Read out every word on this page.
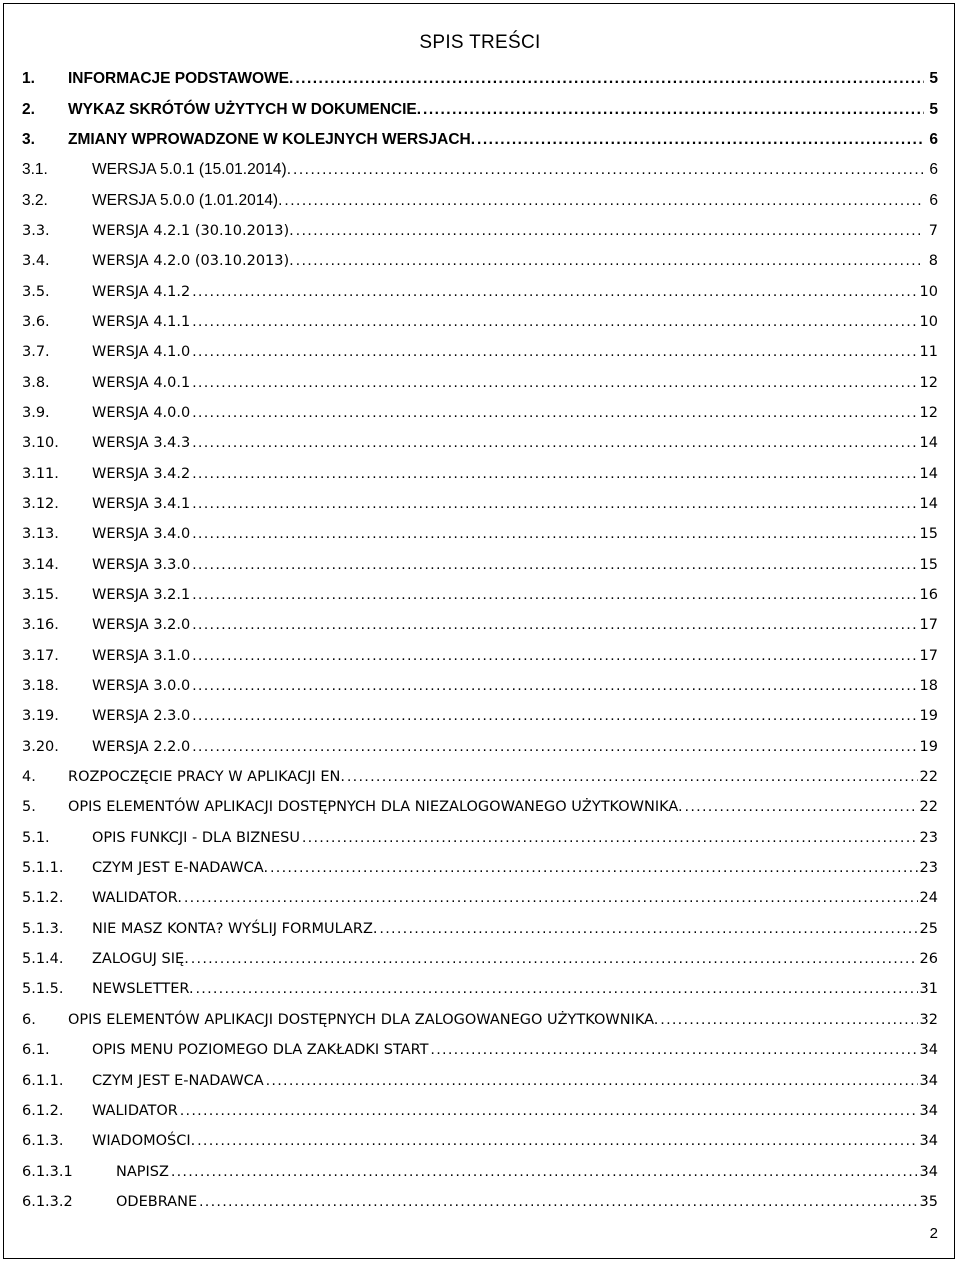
SPIS TREŚCI
1.	INFORMACJE PODSTAWOWE. .....	5
2.	WYKAZ SKRÓTÓW UŻYTYCH W DOKUMENCIE. .....	5
3.	ZMIANY WPROWADZONE W KOLEJNYCH WERSJACH. .....	6
3.1.	WERSJA 5.0.1 (15.01.2014). .....	6
3.2.	WERSJA 5.0.0 (1.01.2014). .....	6
3.3.	WERSJA 4.2.1 (30.10.2013). .....	7
3.4.	WERSJA 4.2.0 (03.10.2013). .....	8
3.5.	WERSJA 4.1.2 .....	10
3.6.	WERSJA 4.1.1 .....	10
3.7.	WERSJA 4.1.0 .....	11
3.8.	WERSJA 4.0.1 .....	12
3.9.	WERSJA 4.0.0 .....	12
3.10.	WERSJA 3.4.3 .....	14
3.11.	WERSJA 3.4.2 .....	14
3.12.	WERSJA 3.4.1 .....	14
3.13.	WERSJA 3.4.0 .....	15
3.14.	WERSJA 3.3.0 .....	15
3.15.	WERSJA 3.2.1 .....	16
3.16.	WERSJA 3.2.0 .....	17
3.17.	WERSJA 3.1.0 .....	17
3.18.	WERSJA 3.0.0 .....	18
3.19.	WERSJA 2.3.0 .....	19
3.20.	WERSJA 2.2.0 .....	19
4.	ROZPOCZĘCIE PRACY W APLIKACJI EN. .....	22
5.	OPIS ELEMENTÓW APLIKACJI DOSTĘPNYCH DLA NIEZALOGOWANEGO UŻYTKOWNIKA. .....	22
5.1.	OPIS FUNKCJI - DLA BIZNESU .....	23
5.1.1.	CZYM JEST E-NADAWCA. .....	23
5.1.2.	WALIDATOR. .....	24
5.1.3.	NIE MASZ KONTA? WYŚLIJ FORMULARZ. .....	25
5.1.4.	ZALOGUJ SIĘ. .....	26
5.1.5.	NEWSLETTER. .....	31
6.	OPIS ELEMENTÓW APLIKACJI DOSTĘPNYCH DLA ZALOGOWANEGO UŻYTKOWNIKA. .....	32
6.1.	OPIS MENU POZIOMEGO DLA ZAKŁADKI START .....	34
6.1.1.	CZYM JEST E-NADAWCA .....	34
6.1.2.	WALIDATOR .....	34
6.1.3.	WIADOMOŚCI. .....	34
6.1.3.1	NAPISZ .....	34
6.1.3.2	ODEBRANE .....	35
2
